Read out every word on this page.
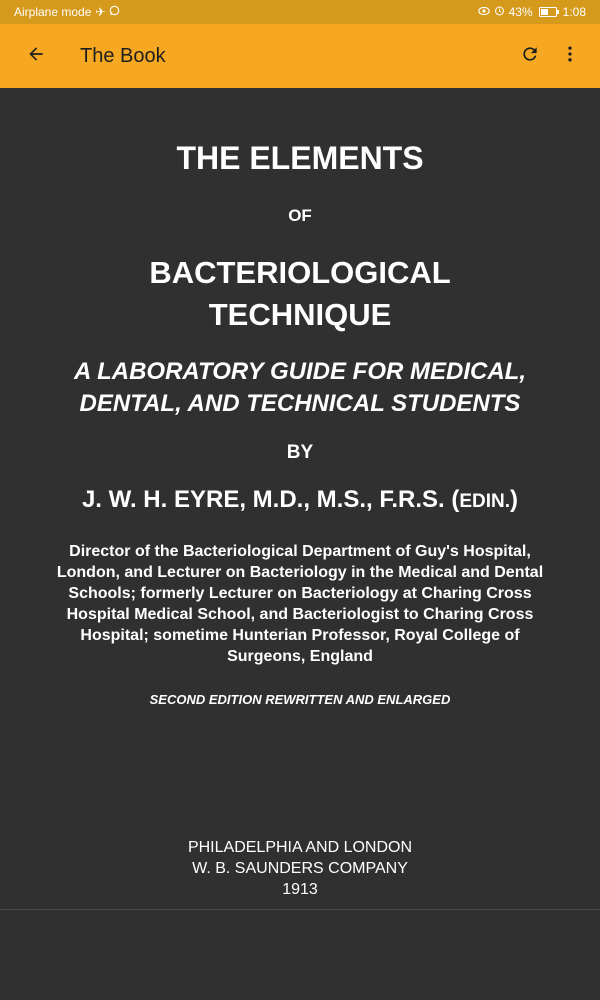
Airplane mode ✈	43%	1:08
The Book
THE ELEMENTS
OF
BACTERIOLOGICAL
TECHNIQUE
A LABORATORY GUIDE FOR MEDICAL,
DENTAL, AND TECHNICAL STUDENTS
BY
J. W. H. EYRE, M.D., M.S., F.R.S. (EDIN.)
Director of the Bacteriological Department of Guy's Hospital,
London, and Lecturer on Bacteriology in the Medical and Dental
Schools; formerly Lecturer on Bacteriology at Charing Cross
Hospital Medical School, and Bacteriologist to Charing Cross
Hospital; sometime Hunterian Professor, Royal College of
Surgeons, England
SECOND EDITION REWRITTEN AND ENLARGED
PHILADELPHIA AND LONDON
W. B. SAUNDERS COMPANY
1913
